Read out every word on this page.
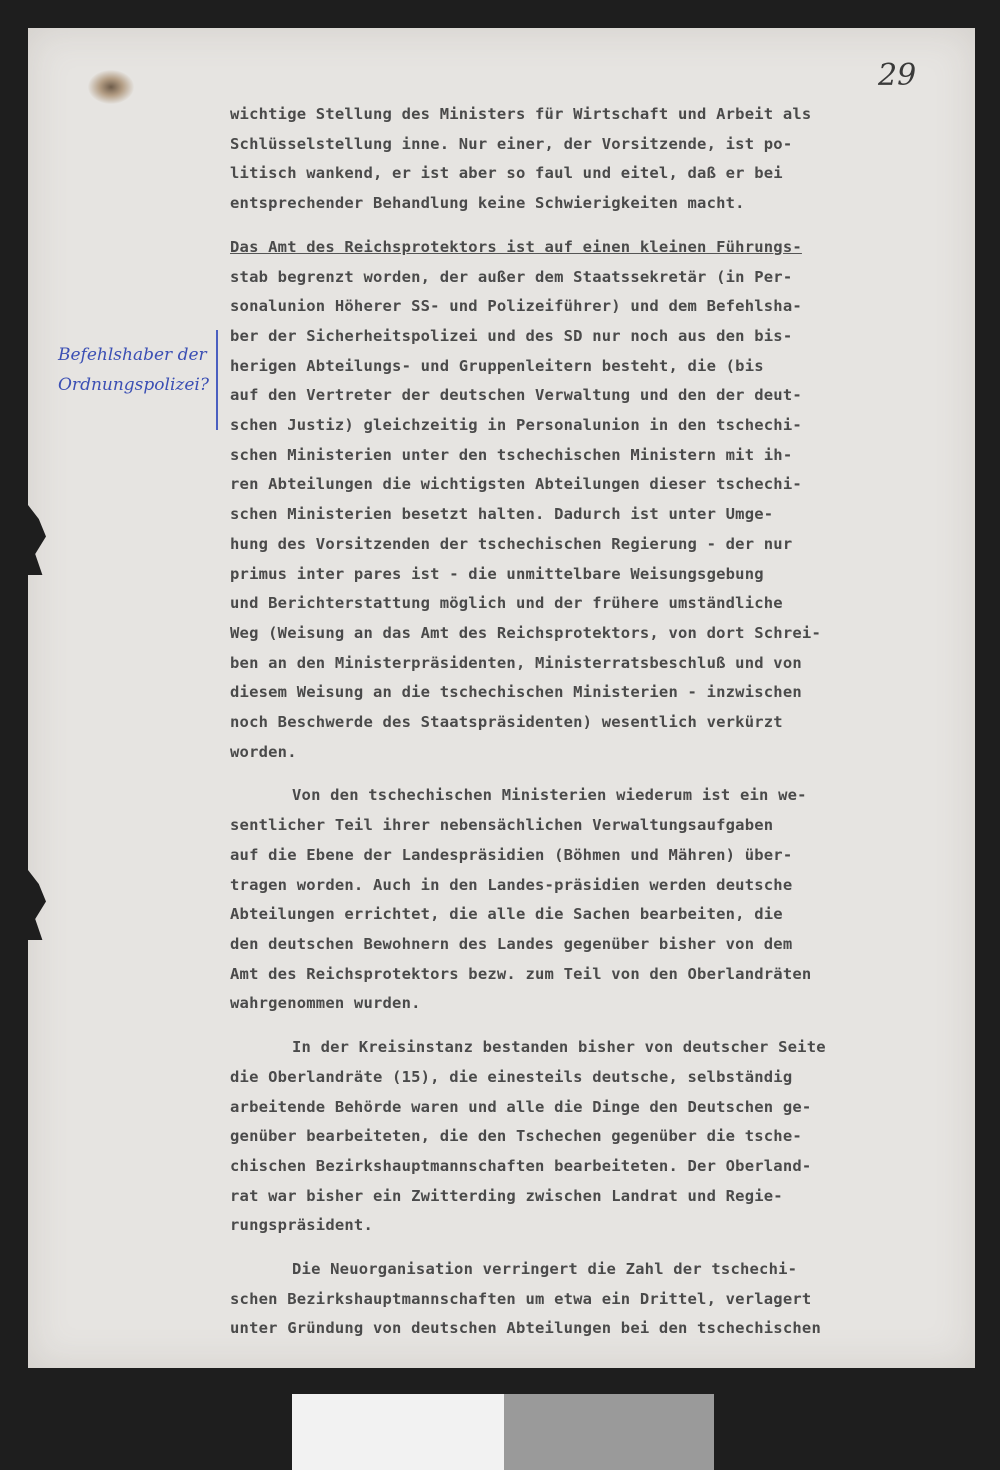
29
Befehlshaber der
Ordnungspolizei?
wichtige Stellung des Ministers für Wirtschaft und Arbeit als
Schlüsselstellung inne. Nur einer, der Vorsitzende, ist po-
litisch wankend, er ist aber so faul und eitel, daß er bei
entsprechender Behandlung keine Schwierigkeiten macht.
Das Amt des Reichsprotektors ist auf einen kleinen Führungs-
stab begrenzt worden, der außer dem Staatssekretär (in Per-
sonalunion Höherer SS- und Polizeiführer) und dem Befehlsha-
ber der Sicherheitspolizei und des SD nur noch aus den bis-
herigen Abteilungs- und Gruppenleitern besteht, die (bis
auf den Vertreter der deutschen Verwaltung und den der deut-
schen Justiz) gleichzeitig in Personalunion in den tschechi-
schen Ministerien unter den tschechischen Ministern mit ih-
ren Abteilungen die wichtigsten Abteilungen dieser tschechi-
schen Ministerien besetzt halten. Dadurch ist unter Umge-
hung des Vorsitzenden der tschechischen Regierung - der nur
primus inter pares ist - die unmittelbare Weisungsgebung
und Berichterstattung möglich und der frühere umständliche
Weg (Weisung an das Amt des Reichsprotektors, von dort Schrei-
ben an den Ministerpräsidenten, Ministerratsbeschluß und von
diesem Weisung an die tschechischen Ministerien - inzwischen
noch Beschwerde des Staatspräsidenten) wesentlich verkürzt
worden.
Von den tschechischen Ministerien wiederum ist ein we-
sentlicher Teil ihrer nebensächlichen Verwaltungsaufgaben
auf die Ebene der Landespräsidien (Böhmen und Mähren) über-
tragen worden. Auch in den Landes-präsidien werden deutsche
Abteilungen errichtet, die alle die Sachen bearbeiten, die
den deutschen Bewohnern des Landes gegenüber bisher von dem
Amt des Reichsprotektors bezw. zum Teil von den Oberlandräten
wahrgenommen wurden.
In der Kreisinstanz bestanden bisher von deutscher Seite
die Oberlandräte (15), die einesteils deutsche, selbständig
arbeitende Behörde waren und alle die Dinge den Deutschen ge-
genüber bearbeiteten, die den Tschechen gegenüber die tsche-
chischen Bezirkshauptmannschaften bearbeiteten. Der Oberland-
rat war bisher ein Zwitterding zwischen Landrat und Regie-
rungspräsident.
Die Neuorganisation verringert die Zahl der tschechi-
schen Bezirkshauptmannschaften um etwa ein Drittel, verlagert
unter Gründung von deutschen Abteilungen bei den tschechischen
